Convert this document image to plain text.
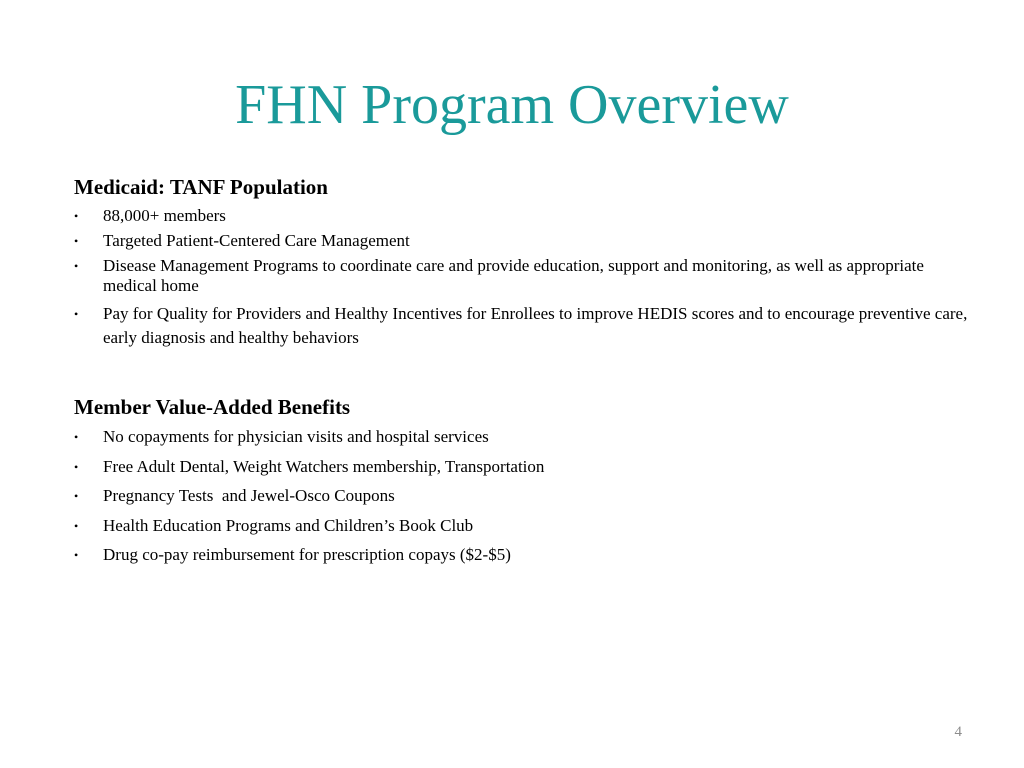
FHN Program Overview

Medicaid: TANF Population

• 88,000+ members
• Targeted Patient-Centered Care Management
• Disease Management Programs to coordinate care and provide education, support and monitoring, as well as appropriate medical home
• Pay for Quality for Providers and Healthy Incentives for Enrollees to improve HEDIS scores and to encourage preventive care, early diagnosis and healthy behaviors

Member Value-Added Benefits

• No copayments for physician visits and hospital services
• Free Adult Dental, Weight Watchers membership, Transportation
• Pregnancy Tests  and Jewel-Osco Coupons
• Health Education Programs and Children’s Book Club
• Drug co-pay reimbursement for prescription copays ($2-$5)
4
